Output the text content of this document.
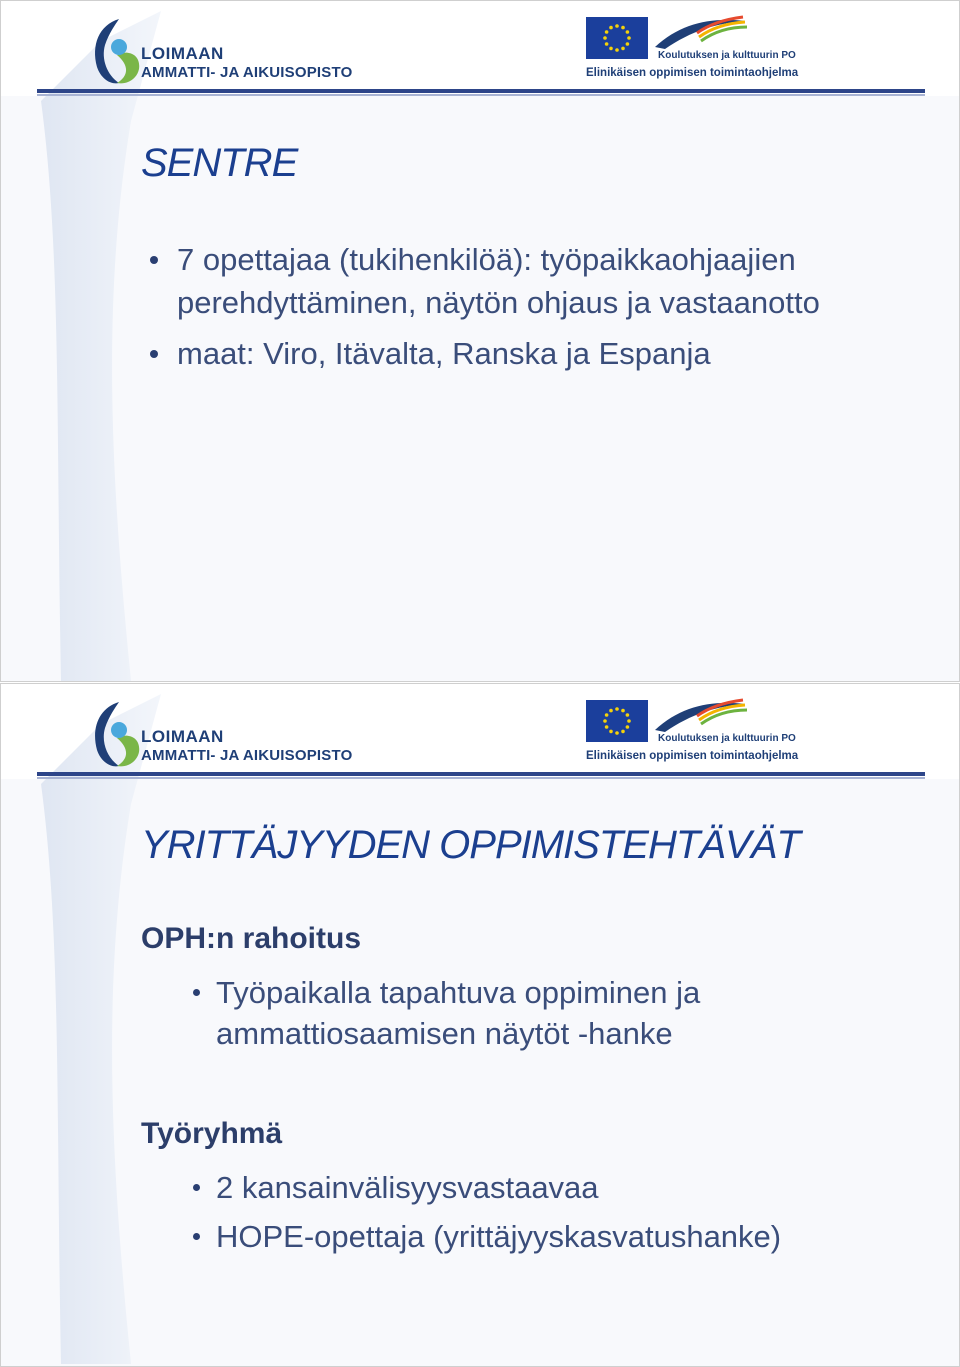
LOIMAAN
AMMATTI- JA AIKUISOPISTO
Koulutuksen ja kulttuurin PO
Elinikäisen oppimisen toimintaohjelma
SENTRE
7 opettajaa (tukihenkilöä): työpaikkaohjaajien perehdyttäminen, näytön ohjaus ja vastaanotto
maat: Viro, Itävalta, Ranska ja Espanja
LOIMAAN
AMMATTI- JA AIKUISOPISTO
Koulutuksen ja kulttuurin PO
Elinikäisen oppimisen toimintaohjelma
YRITTÄJYYDEN OPPIMISTEHTÄVÄT
OPH:n rahoitus
Työpaikalla tapahtuva oppiminen ja ammattiosaamisen näytöt -hanke
Työryhmä
2 kansainvälisyysvastaavaa
HOPE-opettaja (yrittäjyyskasvatushanke)
